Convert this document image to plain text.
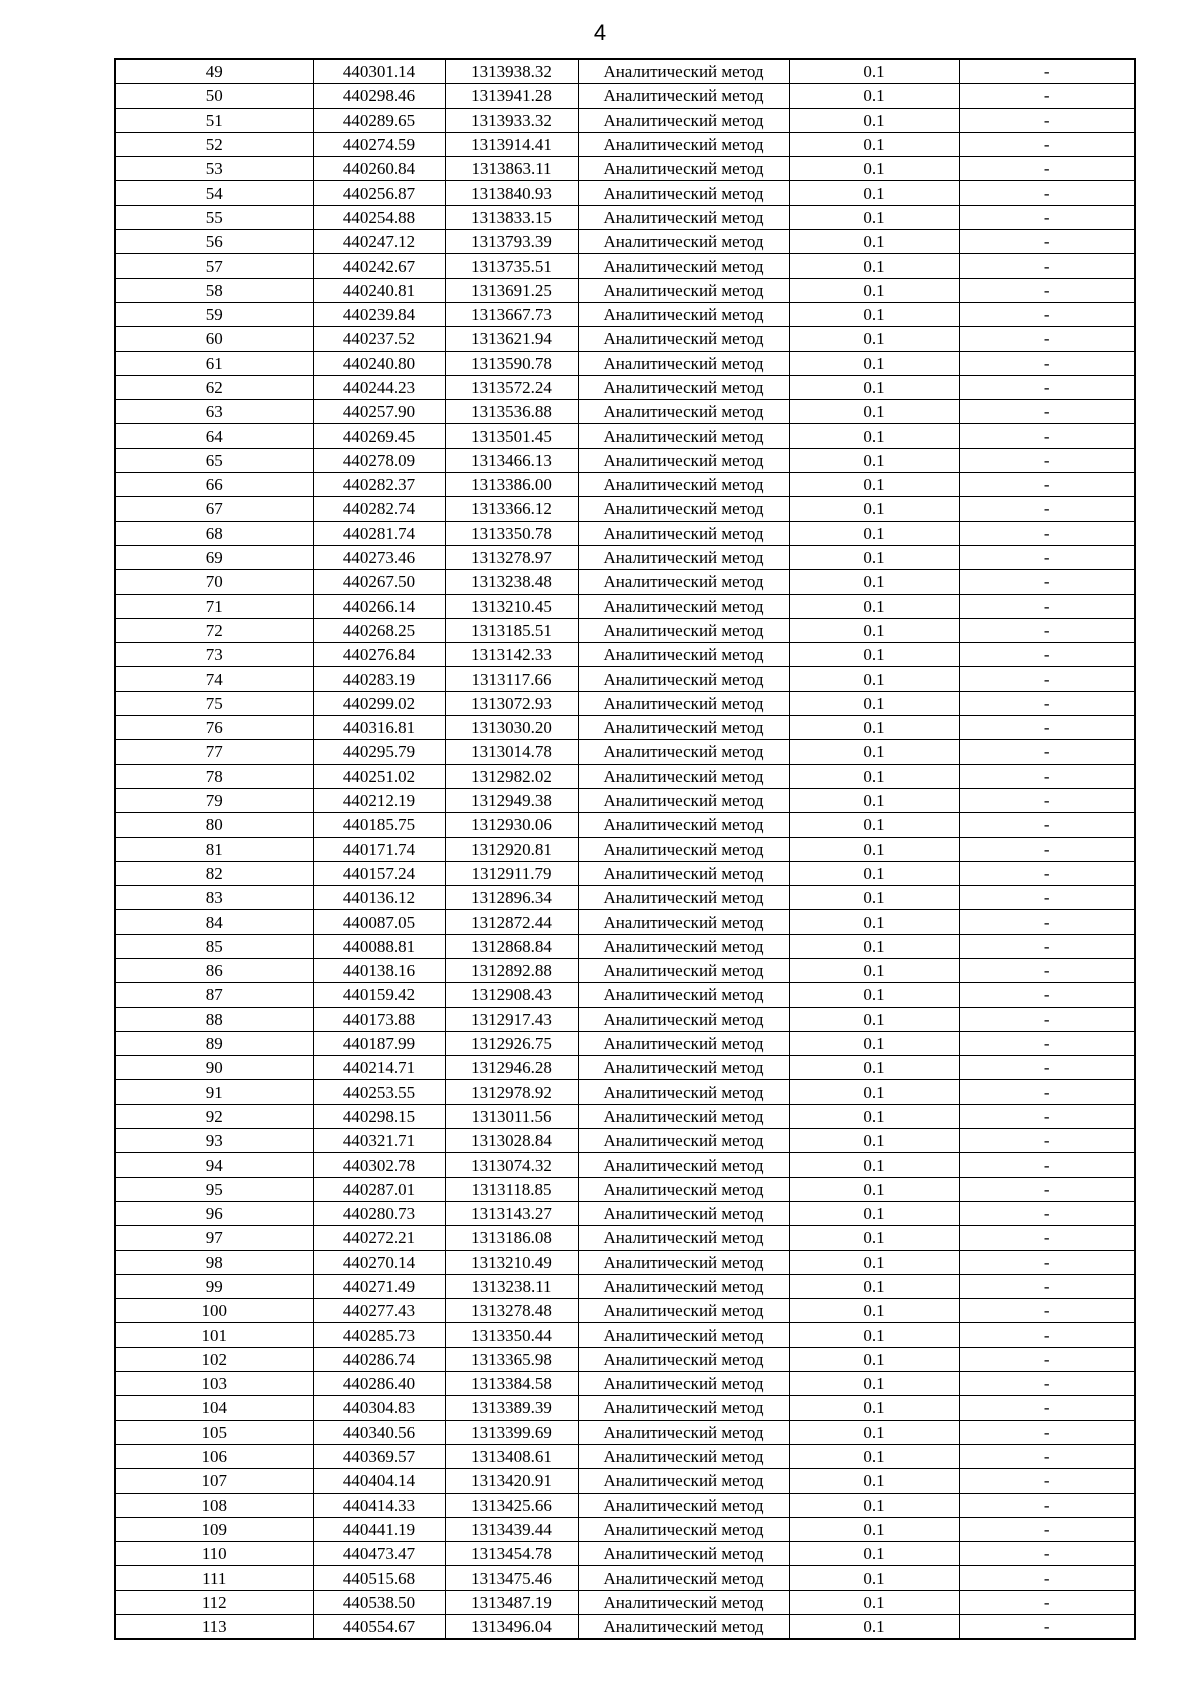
4
49	440301.14	1313938.32	Аналитический метод	0.1	-
50	440298.46	1313941.28	Аналитический метод	0.1	-
51	440289.65	1313933.32	Аналитический метод	0.1	-
52	440274.59	1313914.41	Аналитический метод	0.1	-
53	440260.84	1313863.11	Аналитический метод	0.1	-
54	440256.87	1313840.93	Аналитический метод	0.1	-
55	440254.88	1313833.15	Аналитический метод	0.1	-
56	440247.12	1313793.39	Аналитический метод	0.1	-
57	440242.67	1313735.51	Аналитический метод	0.1	-
58	440240.81	1313691.25	Аналитический метод	0.1	-
59	440239.84	1313667.73	Аналитический метод	0.1	-
60	440237.52	1313621.94	Аналитический метод	0.1	-
61	440240.80	1313590.78	Аналитический метод	0.1	-
62	440244.23	1313572.24	Аналитический метод	0.1	-
63	440257.90	1313536.88	Аналитический метод	0.1	-
64	440269.45	1313501.45	Аналитический метод	0.1	-
65	440278.09	1313466.13	Аналитический метод	0.1	-
66	440282.37	1313386.00	Аналитический метод	0.1	-
67	440282.74	1313366.12	Аналитический метод	0.1	-
68	440281.74	1313350.78	Аналитический метод	0.1	-
69	440273.46	1313278.97	Аналитический метод	0.1	-
70	440267.50	1313238.48	Аналитический метод	0.1	-
71	440266.14	1313210.45	Аналитический метод	0.1	-
72	440268.25	1313185.51	Аналитический метод	0.1	-
73	440276.84	1313142.33	Аналитический метод	0.1	-
74	440283.19	1313117.66	Аналитический метод	0.1	-
75	440299.02	1313072.93	Аналитический метод	0.1	-
76	440316.81	1313030.20	Аналитический метод	0.1	-
77	440295.79	1313014.78	Аналитический метод	0.1	-
78	440251.02	1312982.02	Аналитический метод	0.1	-
79	440212.19	1312949.38	Аналитический метод	0.1	-
80	440185.75	1312930.06	Аналитический метод	0.1	-
81	440171.74	1312920.81	Аналитический метод	0.1	-
82	440157.24	1312911.79	Аналитический метод	0.1	-
83	440136.12	1312896.34	Аналитический метод	0.1	-
84	440087.05	1312872.44	Аналитический метод	0.1	-
85	440088.81	1312868.84	Аналитический метод	0.1	-
86	440138.16	1312892.88	Аналитический метод	0.1	-
87	440159.42	1312908.43	Аналитический метод	0.1	-
88	440173.88	1312917.43	Аналитический метод	0.1	-
89	440187.99	1312926.75	Аналитический метод	0.1	-
90	440214.71	1312946.28	Аналитический метод	0.1	-
91	440253.55	1312978.92	Аналитический метод	0.1	-
92	440298.15	1313011.56	Аналитический метод	0.1	-
93	440321.71	1313028.84	Аналитический метод	0.1	-
94	440302.78	1313074.32	Аналитический метод	0.1	-
95	440287.01	1313118.85	Аналитический метод	0.1	-
96	440280.73	1313143.27	Аналитический метод	0.1	-
97	440272.21	1313186.08	Аналитический метод	0.1	-
98	440270.14	1313210.49	Аналитический метод	0.1	-
99	440271.49	1313238.11	Аналитический метод	0.1	-
100	440277.43	1313278.48	Аналитический метод	0.1	-
101	440285.73	1313350.44	Аналитический метод	0.1	-
102	440286.74	1313365.98	Аналитический метод	0.1	-
103	440286.40	1313384.58	Аналитический метод	0.1	-
104	440304.83	1313389.39	Аналитический метод	0.1	-
105	440340.56	1313399.69	Аналитический метод	0.1	-
106	440369.57	1313408.61	Аналитический метод	0.1	-
107	440404.14	1313420.91	Аналитический метод	0.1	-
108	440414.33	1313425.66	Аналитический метод	0.1	-
109	440441.19	1313439.44	Аналитический метод	0.1	-
110	440473.47	1313454.78	Аналитический метод	0.1	-
111	440515.68	1313475.46	Аналитический метод	0.1	-
112	440538.50	1313487.19	Аналитический метод	0.1	-
113	440554.67	1313496.04	Аналитический метод	0.1	-
